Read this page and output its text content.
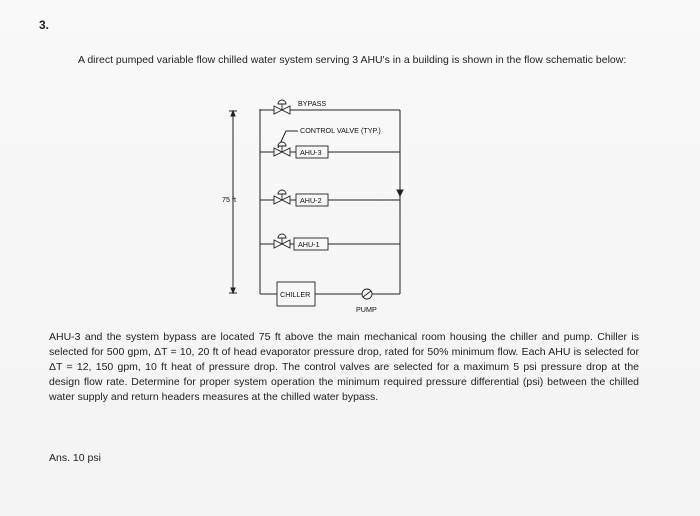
3.
A direct pumped variable flow chilled water system serving 3 AHU's in a building is shown in the flow schematic below:
BYPASS
CONTROL VALVE (TYP.)
AHU-3
AHU-2
AHU-1
CHILLER
PUMP
75 ft
AHU-3 and the system bypass are located 75 ft above the main mechanical room housing the chiller and pump. Chiller is selected for 500 gpm, ΔT = 10, 20 ft of head evaporator pressure drop, rated for 50% minimum flow. Each AHU is selected for ΔT = 12, 150 gpm, 10 ft heat of pressure drop. The control valves are selected for a maximum 5 psi pressure drop at the design flow rate. Determine for proper system operation the minimum required pressure differential (psi) between the chilled water supply and return headers measures at the chilled water bypass.
Ans. 10 psi
